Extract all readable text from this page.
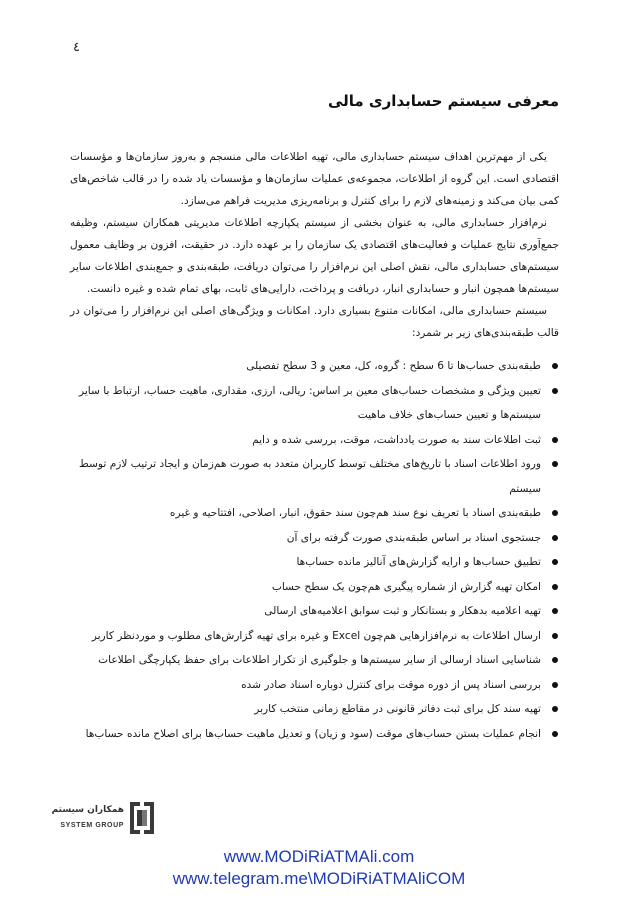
٤
معرفی سیستم حسابداری مالی

یکی از مهم‌ترین اهداف سیستم حسابداری مالی، تهیه اطلاعات مالی منسجم و به‌روز سازمان‌ها و مؤسسات اقتصادی است. این گروه از اطلاعات، مجموعه‌ی عملیات سازمان‌ها و مؤسسات یاد شده را در قالب شاخص‌های کمی بیان می‌کند و زمینه‌های لازم را برای کنترل و برنامه‌ریزی مدیریت فراهم می‌سازد.

نرم‌افزار حسابداری مالی، به عنوان بخشی از سیستم یکپارچه اطلاعات مدیریتی همکاران سیستم، وظیفه جمع‌آوری نتایج عملیات و فعالیت‌های اقتصادی یک سازمان را بر عهده دارد. در حقیقت، افزون بر وظایف معمول سیستم‌های حسابداری مالی، نقش اصلی این نرم‌افزار را می‌توان دریافت، طبقه‌بندی و جمع‌بندی اطلاعات سایر سیستم‌ها همچون انبار و حسابداری انبار، دریافت و پرداخت، دارایی‌های ثابت، بهای تمام شده و غیره دانست.

سیستم حسابداری مالی، امکانات متنوع بسیاری دارد. امکانات و ویژگی‌های اصلی این نرم‌افزار را می‌توان در قالب طبقه‌بندی‌های زیر بر شمرد:

طبقه‌بندی حساب‌ها تا 6 سطح : گروه، کل، معین و 3 سطح تفصیلی
تعیین ویژگی و مشخصات حساب‌های معین بر اساس: ریالی، ارزی، مقداری، ماهیت حساب، ارتباط با سایر سیستم‌ها و تعیین حساب‌های خلاف ماهیت
ثبت اطلاعات سند به صورت یادداشت، موقت، بررسی شده و دایم
ورود اطلاعات اسناد با تاریخ‌های مختلف توسط کاربران متعدد به صورت هم‌زمان و ایجاد ترتیب لازم توسط سیستم
طبقه‌بندی اسناد با تعریف نوع سند هم‌چون سند حقوق، انبار، اصلاحی، افتتاحیه و غیره
جستجوی اسناد بر اساس طبقه‌بندی صورت گرفته برای آن
تطبیق حساب‌ها و ارایه گزارش‌های آنالیز مانده حساب‌ها
امکان تهیه گزارش از شماره پیگیری هم‌چون یک سطح حساب
تهیه اعلامیه بدهکار و بستانکار و ثبت سوابق اعلامیه‌های ارسالی
ارسال اطلاعات به نرم‌افزارهایی هم‌چون Excel و غیره برای تهیه گزارش‌های مطلوب و موردنظر کاربر
شناسایی اسناد ارسالی از سایر سیستم‌ها و جلوگیری از تکرار اطلاعات برای حفظ یکپارچگی اطلاعات
بررسی اسناد پس از دوره موقت برای کنترل دوباره اسناد صادر شده
تهیه سند کل برای ثبت دفاتر قانونی در مقاطع زمانی منتخب کاربر
انجام عملیات بستن حساب‌های موقت (سود و زیان) و تعدیل ماهیت حساب‌ها برای اصلاح مانده حساب‌ها
همکاران سیستم
SYSTEM GROUP
www.MODiRiATMAli.com
www.telegram.me\MODiRiATMAliCOM
